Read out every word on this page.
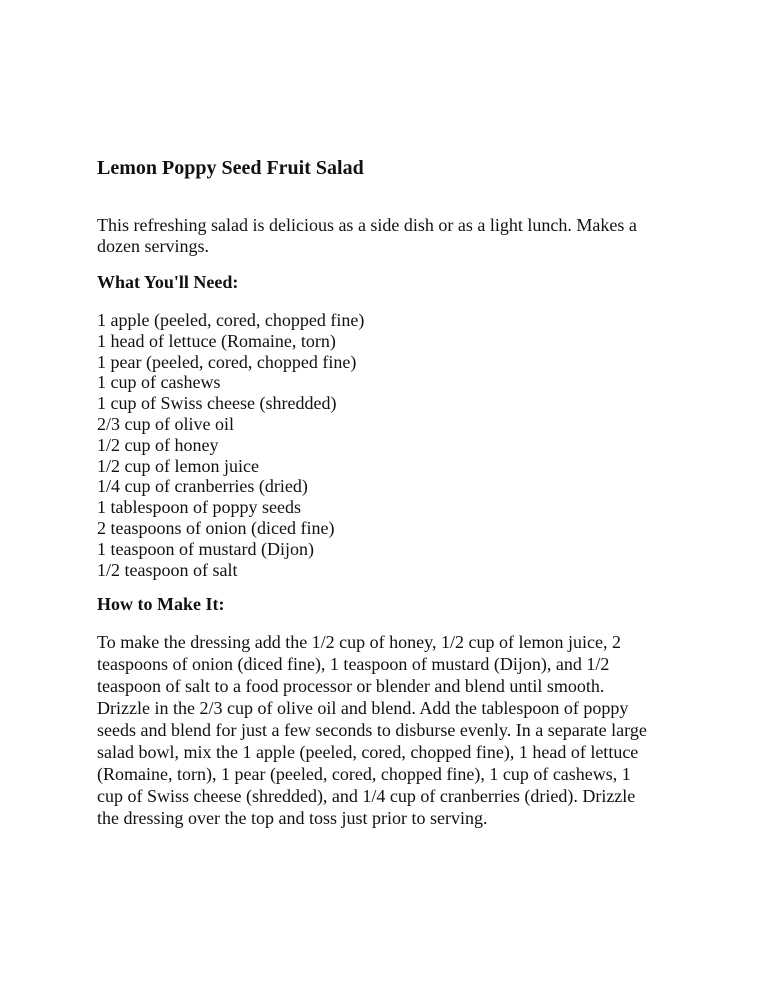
Lemon Poppy Seed Fruit Salad

This refreshing salad is delicious as a side dish or as a light lunch. Makes a
dozen servings.

What You'll Need:
1 apple (peeled, cored, chopped fine)
1 head of lettuce (Romaine, torn)
1 pear (peeled, cored, chopped fine)
1 cup of cashews
1 cup of Swiss cheese (shredded)
2/3 cup of olive oil
1/2 cup of honey
1/2 cup of lemon juice
1/4 cup of cranberries (dried)
1 tablespoon of poppy seeds
2 teaspoons of onion (diced fine)
1 teaspoon of mustard (Dijon)
1/2 teaspoon of salt
How to Make It:

To make the dressing add the 1/2 cup of honey, 1/2 cup of lemon juice, 2
teaspoons of onion (diced fine), 1 teaspoon of mustard (Dijon), and 1/2
teaspoon of salt to a food processor or blender and blend until smooth.
Drizzle in the 2/3 cup of olive oil and blend. Add the tablespoon of poppy
seeds and blend for just a few seconds to disburse evenly. In a separate large
salad bowl, mix the 1 apple (peeled, cored, chopped fine), 1 head of lettuce
(Romaine, torn), 1 pear (peeled, cored, chopped fine), 1 cup of cashews, 1
cup of Swiss cheese (shredded), and 1/4 cup of cranberries (dried). Drizzle
the dressing over the top and toss just prior to serving.
